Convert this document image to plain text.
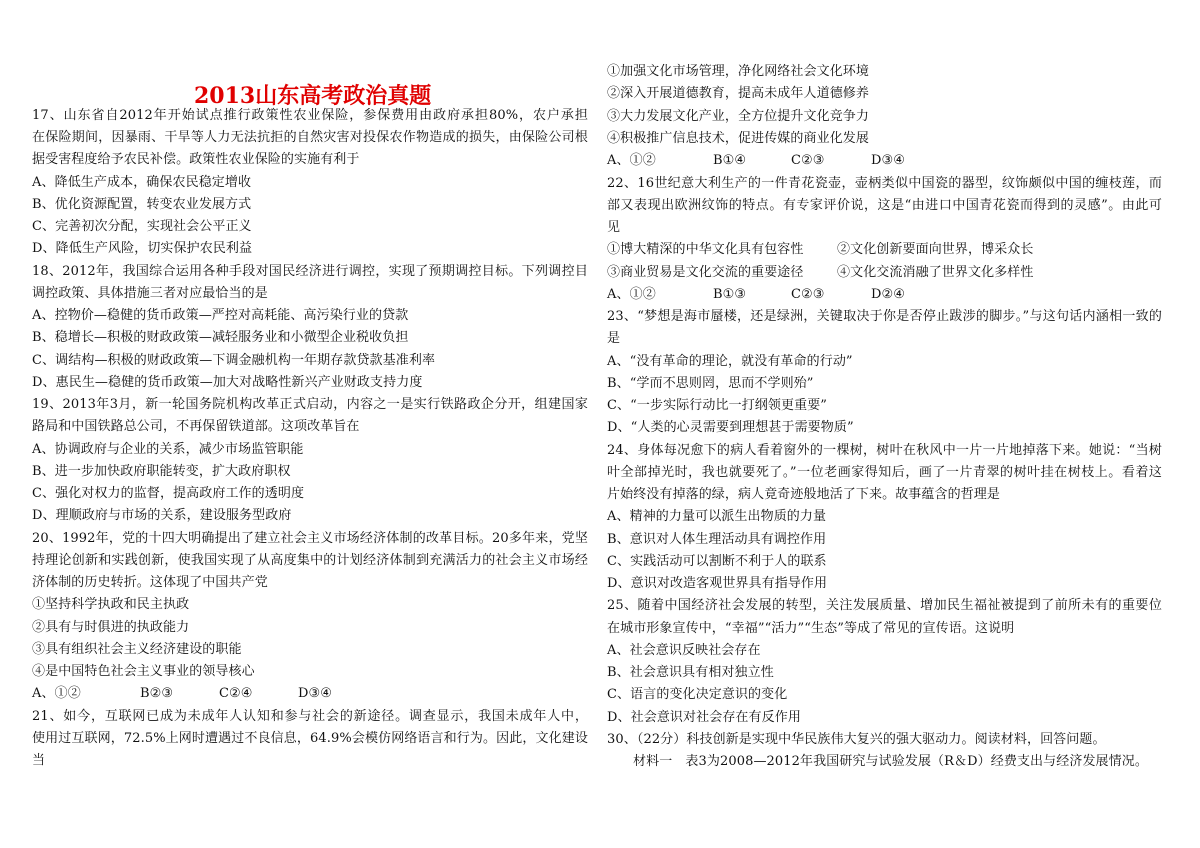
2013山东高考政治真题
17、山东省自2012年开始试点推行政策性农业保险，参保费用由政府承担80%，农户承担
在保险期间，因暴雨、干旱等人力无法抗拒的自然灾害对投保农作物造成的损失，由保险公司根
据受害程度给予农民补偿。政策性农业保险的实施有利于
A、降低生产成本，确保农民稳定增收
B、优化资源配置，转变农业发展方式
C、完善初次分配，实现社会公平正义
D、降低生产风险，切实保护农民利益
18、2012年，我国综合运用各种手段对国民经济进行调控，实现了预期调控目标。下列调控目
调控政策、具体措施三者对应最恰当的是
A、控物价—稳健的货币政策—严控对高耗能、高污染行业的贷款
B、稳增长—积极的财政政策—减轻服务业和小微型企业税收负担
C、调结构—积极的财政政策—下调金融机构一年期存款贷款基准利率
D、惠民生—稳健的货币政策—加大对战略性新兴产业财政支持力度
19、2013年3月，新一轮国务院机构改革正式启动，内容之一是实行铁路政企分开，组建国家
路局和中国铁路总公司，不再保留铁道部。这项改革旨在
A、协调政府与企业的关系，减少市场监管职能
B、进一步加快政府职能转变，扩大政府职权
C、强化对权力的监督，提高政府工作的透明度
D、理顺政府与市场的关系，建设服务型政府
20、1992年，党的十四大明确提出了建立社会主义市场经济体制的改革目标。20多年来，党坚
持理论创新和实践创新，使我国实现了从高度集中的计划经济体制到充满活力的社会主义市场经
济体制的历史转折。这体现了中国共产党
①坚持科学执政和民主执政
②具有与时俱进的执政能力
③具有组织社会主义经济建设的职能
④是中国特色社会主义事业的领导核心
A、①②	B②③	C②④	D③④
21、如今，互联网已成为未成年人认知和参与社会的新途径。调查显示，我国未成年人中，
使用过互联网，72.5%上网时遭遇过不良信息，64.9%会模仿网络语言和行为。因此，文化建设
当
①加强文化市场管理，净化网络社会文化环境
②深入开展道德教育，提高未成年人道德修养
③大力发展文化产业，全方位提升文化竞争力
④积极推广信息技术，促进传媒的商业化发展
A、①②	B①④	C②③	D③④
22、16世纪意大利生产的一件青花瓷壶，壶柄类似中国瓷的器型，纹饰颇似中国的缠枝莲，而
部又表现出欧洲纹饰的特点。有专家评价说，这是“由进口中国青花瓷而得到的灵感”。由此可
见
①博大精深的中华文化具有包容性	②文化创新要面向世界，博采众长
③商业贸易是文化交流的重要途径	④文化交流消融了世界文化多样性
A、①②	B①③	C②③	D②④
23、“梦想是海市蜃楼，还是绿洲，关键取决于你是否停止跋涉的脚步。”与这句话内涵相一致的
是
A、“没有革命的理论，就没有革命的行动”
B、“学而不思则罔，思而不学则殆”
C、“一步实际行动比一打纲领更重要”
D、“人类的心灵需要到理想甚于需要物质”
24、身体每况愈下的病人看着窗外的一棵树，树叶在秋风中一片一片地掉落下来。她说：“当树
叶全部掉光时，我也就要死了。”一位老画家得知后，画了一片青翠的树叶挂在树枝上。看着这
片始终没有掉落的绿，病人竟奇迹般地活了下来。故事蕴含的哲理是
A、精神的力量可以派生出物质的力量
B、意识对人体生理活动具有调控作用
C、实践活动可以割断不利于人的联系
D、意识对改造客观世界具有指导作用
25、随着中国经济社会发展的转型，关注发展质量、增加民生福祉被提到了前所未有的重要位
在城市形象宣传中，“幸福”“活力”“生态”等成了常见的宣传语。这说明
A、社会意识反映社会存在
B、社会意识具有相对独立性
C、语言的变化决定意识的变化
D、社会意识对社会存在有反作用
30、（22分）科技创新是实现中华民族伟大复兴的强大驱动力。阅读材料，回答问题。
材料一　表3为2008—2012年我国研究与试验发展（R＆D）经费支出与经济发展情况。
